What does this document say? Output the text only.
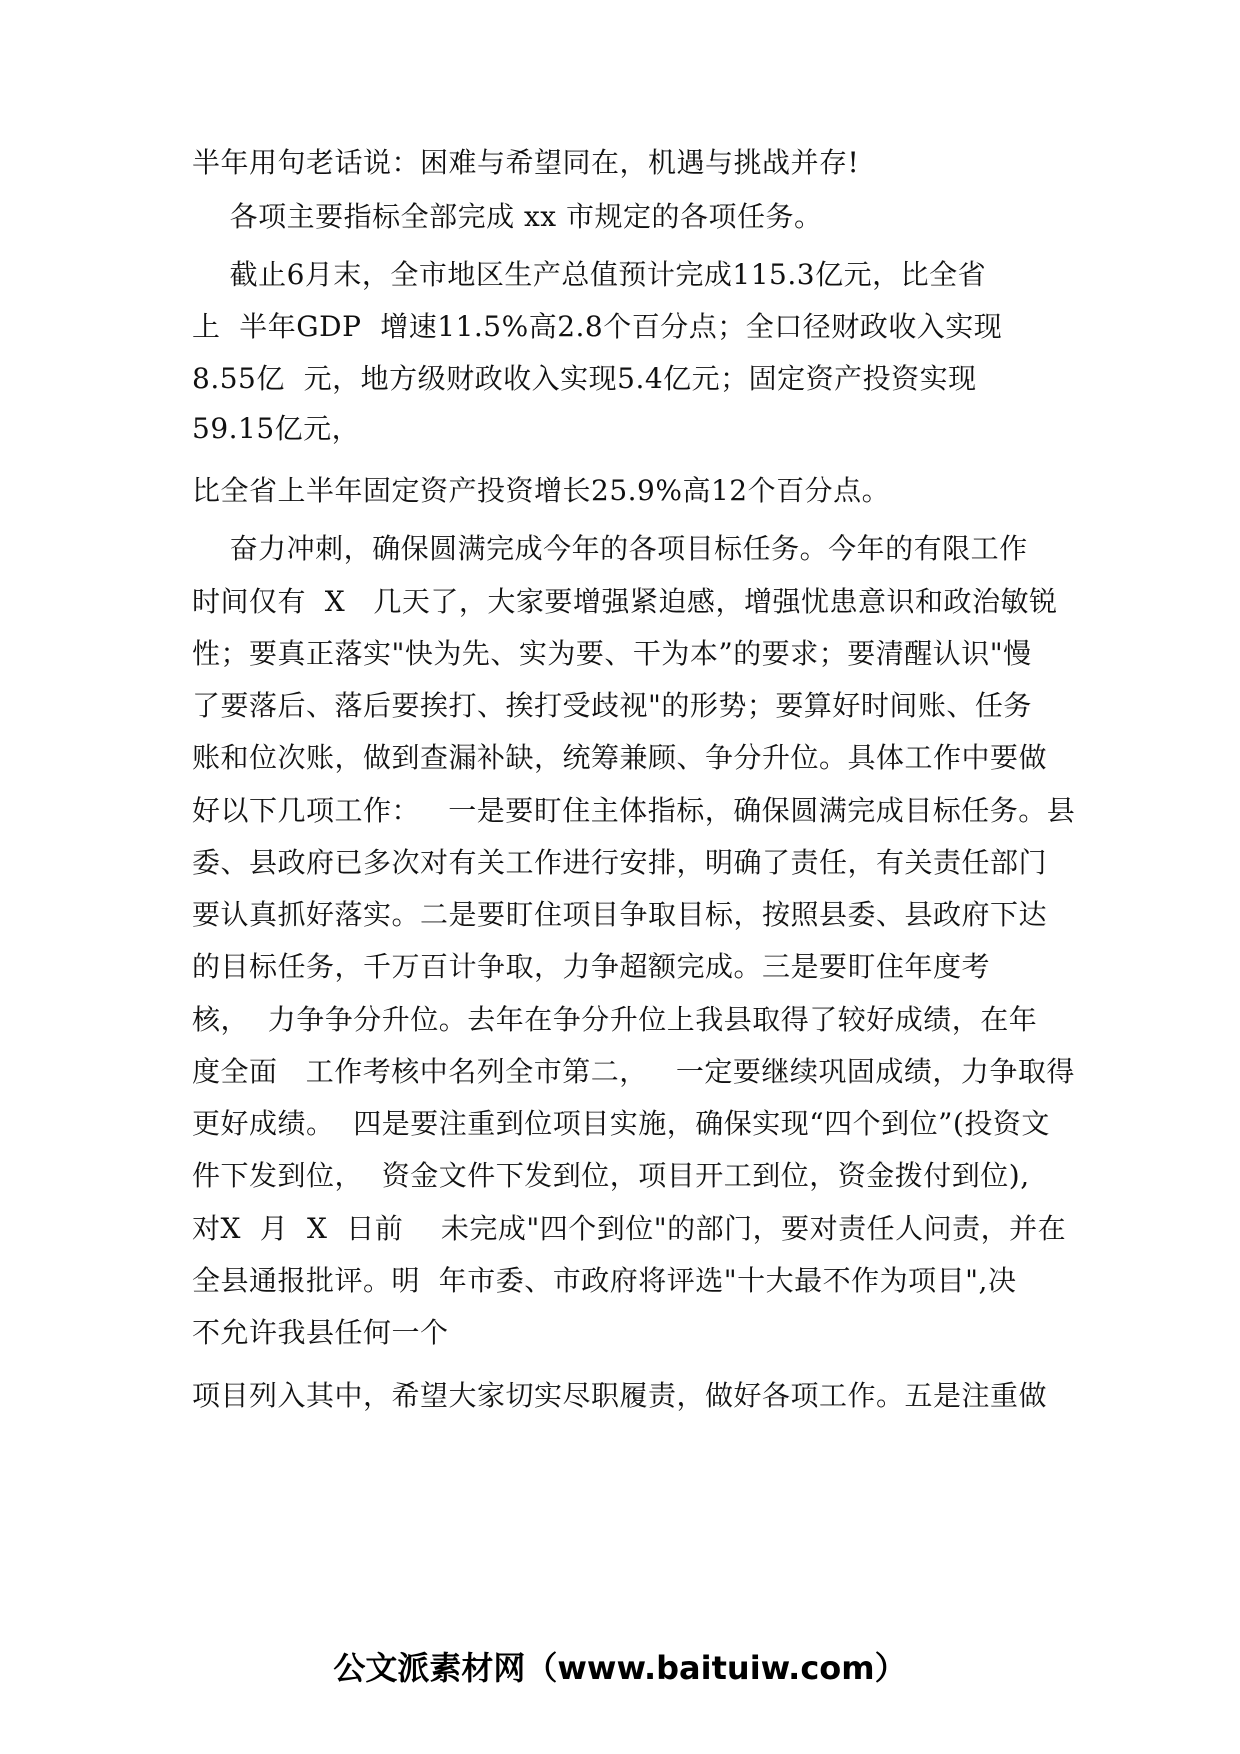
半年用句老话说：困难与希望同在，机遇与挑战并存!
各项主要指标全部完成 xx 市规定的各项任务。
截止6月末，全市地区生产总值预计完成115.3亿元，比全省
上  半年GDP  增速11.5%高2.8个百分点；全口径财政收入实现
8.55亿  元，地方级财政收入实现5.4亿元；固定资产投资实现
59.15亿元，
比全省上半年固定资产投资增长25.9%高12个百分点。
奋力冲刺，确保圆满完成今年的各项目标任务。今年的有限工作
时间仅有  X   几天了，大家要增强紧迫感，增强忧患意识和政治敏锐
性；要真正落实"快为先、实为要、干为本”的要求；要清醒认识"慢
了要落后、落后要挨打、挨打受歧视"的形势；要算好时间账、任务
账和位次账，做到查漏补缺，统筹兼顾、争分升位。具体工作中要做
好以下几项工作：   一是要盯住主体指标，确保圆满完成目标任务。县
委、县政府已多次对有关工作进行安排，明确了责任，有关责任部门
要认真抓好落实。二是要盯住项目争取目标，按照县委、县政府下达
的目标任务，千万百计争取，力争超额完成。三是要盯住年度考
核，  力争争分升位。去年在争分升位上我县取得了较好成绩，在年
度全面   工作考核中名列全市第二，   一定要继续巩固成绩，力争取得
更好成绩。  四是要注重到位项目实施，确保实现“四个到位”(投资文
件下发到位，  资金文件下发到位，项目开工到位，资金拨付到位),
对X  月  X  日前    未完成"四个到位"的部门，要对责任人问责，并在
全县通报批评。明  年市委、市政府将评选"十大最不作为项目",决
不允许我县任何一个
项目列入其中，希望大家切实尽职履责，做好各项工作。五是注重做
公文派素材网（www.baituiw.com）
